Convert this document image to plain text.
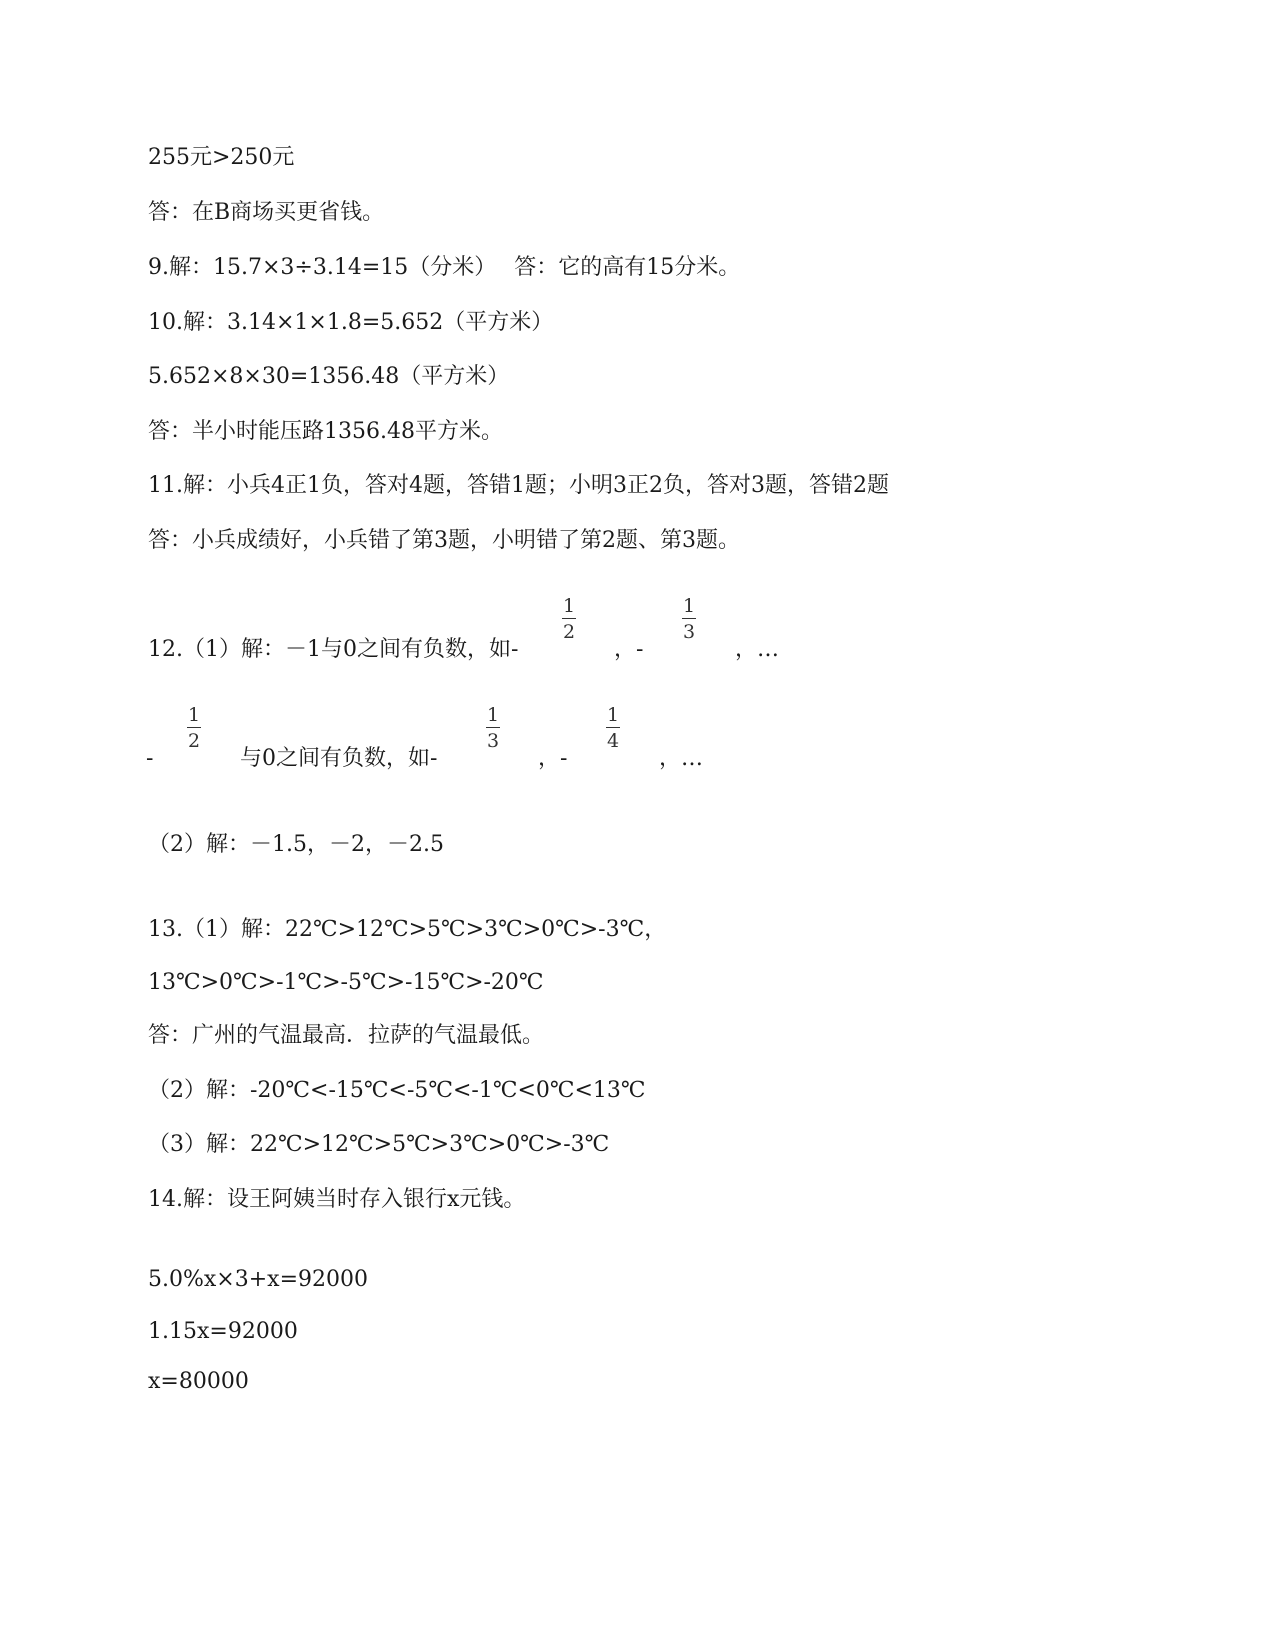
255元>250元
答：在B商场买更省钱。
9.解：15.7×3÷3.14=15（分米）　 答：它的高有15分米。
10.解：3.14×1×1.8=5.652（平方米）
5.652×8×30=1356.48（平方米）
答：半小时能压路1356.48平方米。
11.解：小兵4正1负，答对4题，答错1题；小明3正2负，答对3题，答错2题
答：小兵成绩好，小兵错了第3题，小明错了第2题、第3题。
12.（1）解：－1与0之间有负数，如-
1
2
，-
1
3
，…
-
1
2
与0之间有负数，如-
1
3
，-
1
4
，…
（2）解：－1.5，－2，－2.5
13.（1）解：22℃>12℃>5℃>3℃>0℃>-3℃，
13℃>0℃>-1℃>-5℃>-15℃>-20℃
答：广州的气温最高．拉萨的气温最低。
（2）解：-20℃<-15℃<-5℃<-1℃<0℃<13℃
（3）解：22℃>12℃>5℃>3℃>0℃>-3℃
14.解：设王阿姨当时存入银行x元钱。
5.0%x×3+x=92000
1.15x=92000
x=80000
